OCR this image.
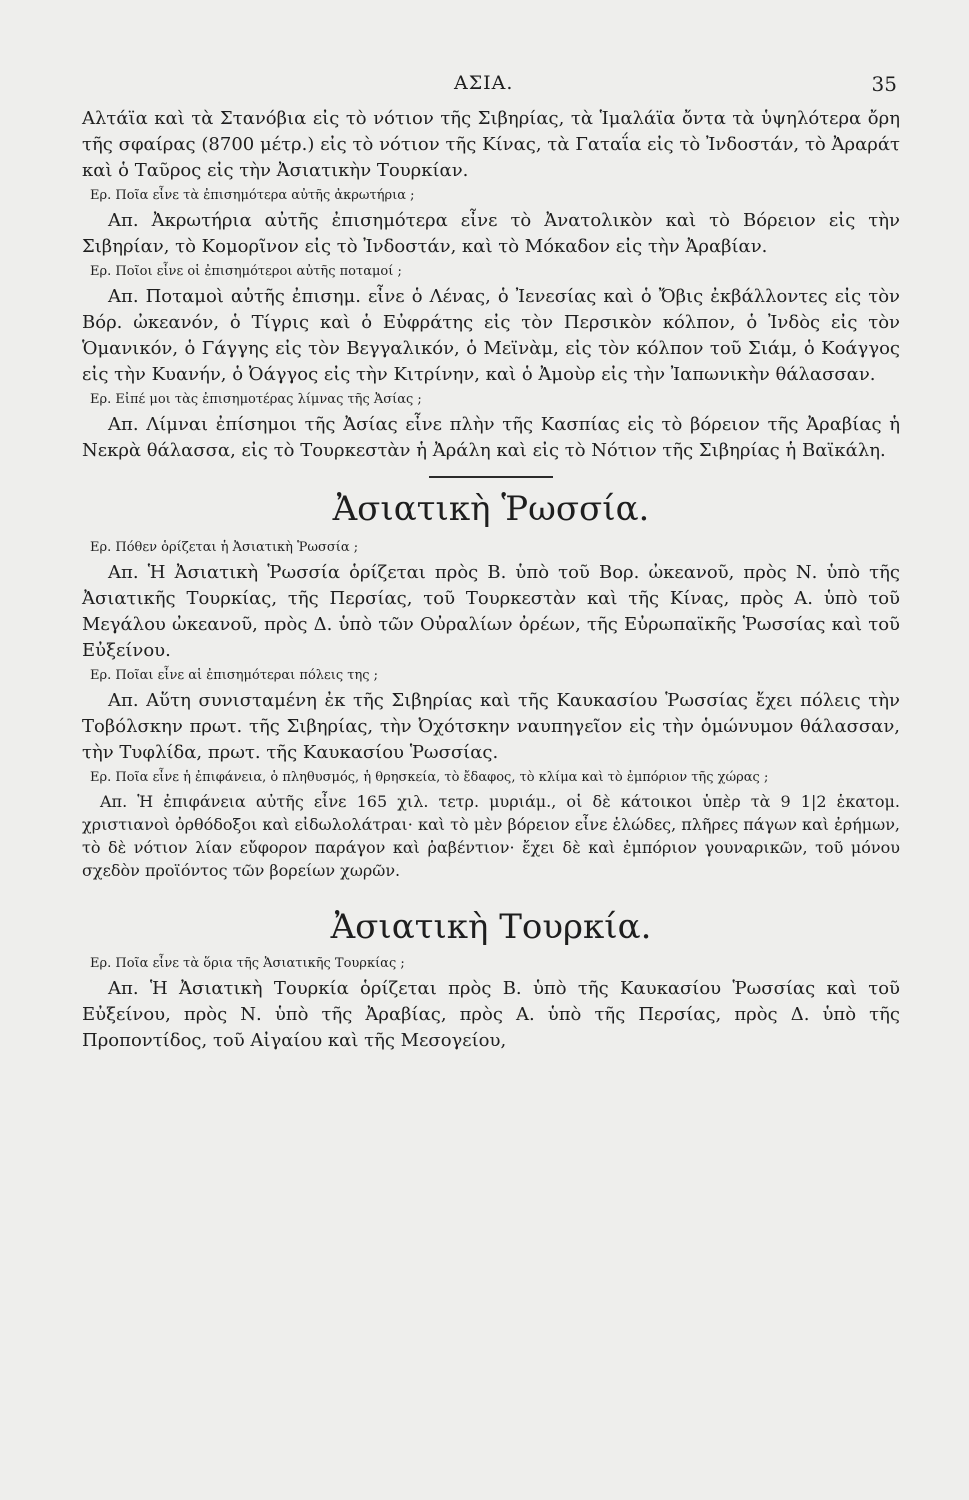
ΑΣΙΑ.	35

Αλτάϊα καὶ τὰ Στανόβια εἰς τὸ νότιον τῆς Σιβηρίας, τὰ Ἱμαλάϊα ὄντα τὰ ὑψηλότερα ὄρη τῆς σφαίρας (8700 μέτρ.) εἰς τὸ νότιον τῆς Κίνας, τὰ Γαταΐα εἰς τὸ Ἰνδοστάν, τὸ Ἀραράτ καὶ ὁ Ταῦρος εἰς τὴν Ἀσιατικὴν Τουρκίαν.

Ερ. Ποῖα εἶνε τὰ ἐπισημότερα αὐτῆς ἀκρωτήρια ;

Απ. Ἀκρωτήρια αὐτῆς ἐπισημότερα εἶνε τὸ Ἀνατολικὸν καὶ τὸ Βόρειον εἰς τὴν Σιβηρίαν, τὸ Κομορῖνον εἰς τὸ Ἰνδοστάν, καὶ τὸ Μόκαδον εἰς τὴν Ἀραβίαν.

Ερ. Ποῖοι εἶνε οἱ ἐπισημότεροι αὐτῆς ποταμοί ;

Απ. Ποταμοὶ αὐτῆς ἐπισημ. εἶνε ὁ Λένας, ὁ Ἰενεσίας καὶ ὁ Ὄβις ἐκβάλλοντες εἰς τὸν Βόρ. ὠκεανόν, ὁ Τίγρις καὶ ὁ Εὐφράτης εἰς τὸν Περσικὸν κόλπον, ὁ Ἰνδὸς εἰς τὸν Ὁμανικόν, ὁ Γάγγης εἰς τὸν Βεγγαλικόν, ὁ Μεϊνὰμ, εἰς τὸν κόλπον τοῦ Σιάμ, ὁ Κοάγγος εἰς τὴν Κυανήν, ὁ Ὀάγγος εἰς τὴν Κιτρίνην, καὶ ὁ Ἀμοὺρ εἰς τὴν Ἰαπωνικὴν θάλασσαν.

Ερ. Εἰπέ μοι τὰς ἐπισημοτέρας λίμνας τῆς Ἀσίας ;

Απ. Λίμναι ἐπίσημοι τῆς Ἀσίας εἶνε πλὴν τῆς Κασπίας εἰς τὸ βόρειον τῆς Ἀραβίας ἡ Νεκρὰ θάλασσα, εἰς τὸ Τουρκεστὰν ἡ Ἀράλη καὶ εἰς τὸ Νότιον τῆς Σιβηρίας ἡ Βαϊκάλη.

Ἀσιατικὴ Ῥωσσία.

Ερ. Πόθεν ὁρίζεται ἡ Ἀσιατικὴ Ῥωσσία ;

Απ. Ἡ Ἀσιατικὴ Ῥωσσία ὁρίζεται πρὸς Β. ὑπὸ τοῦ Βορ. ὠκεανοῦ, πρὸς Ν. ὑπὸ τῆς Ἀσιατικῆς Τουρκίας, τῆς Περσίας, τοῦ Τουρκεστὰν καὶ τῆς Κίνας, πρὸς Α. ὑπὸ τοῦ Μεγάλου ὠκεανοῦ, πρὸς Δ. ὑπὸ τῶν Οὐραλίων ὀρέων, τῆς Εὐρωπαϊκῆς Ῥωσσίας καὶ τοῦ Εὐξείνου.

Ερ. Ποῖαι εἶνε αἱ ἐπισημότεραι πόλεις της ;

Απ. Αὕτη συνισταμένη ἐκ τῆς Σιβηρίας καὶ τῆς Καυκασίου Ῥωσσίας ἔχει πόλεις τὴν Τοβόλσκην πρωτ. τῆς Σιβηρίας, τὴν Ὀχότσκην ναυπηγεῖον εἰς τὴν ὁμώνυμον θάλασσαν, τὴν Τυφλίδα, πρωτ. τῆς Καυκασίου Ῥωσσίας.

Ερ. Ποῖα εἶνε ἡ ἐπιφάνεια, ὁ πληθυσμός, ἡ θρησκεία, τὸ ἔδαφος, τὸ κλίμα καὶ τὸ ἐμπόριον τῆς χώρας ;

Απ. Ἡ ἐπιφάνεια αὐτῆς εἶνε 165 χιλ. τετρ. μυριάμ., οἱ δὲ κάτοικοι ὑπὲρ τὰ 9 1|2 ἑκατομ. χριστιανοὶ ὀρθόδοξοι καὶ εἰδωλολάτραι· καὶ τὸ μὲν βόρειον εἶνε ἑλώδες, πλῆρες πάγων καὶ ἐρήμων, τὸ δὲ νότιον λίαν εὔφορον παράγον καὶ ῥαβέντιον· ἔχει δὲ καὶ ἐμπόριον γουναρικῶν, τοῦ μόνου σχεδὸν προϊόντος τῶν βορείων χωρῶν.

Ἀσιατικὴ Τουρκία.

Ερ. Ποῖα εἶνε τὰ ὅρια τῆς Ἀσιατικῆς Τουρκίας ;

Απ. Ἡ Ἀσιατικὴ Τουρκία ὁρίζεται πρὸς Β. ὑπὸ τῆς Καυκασίου Ῥωσσίας καὶ τοῦ Εὐξείνου, πρὸς Ν. ὑπὸ τῆς Ἀραβίας, πρὸς Α. ὑπὸ τῆς Περσίας, πρὸς Δ. ὑπὸ τῆς Προποντίδος, τοῦ Αἰγαίου καὶ τῆς Μεσογείου,
